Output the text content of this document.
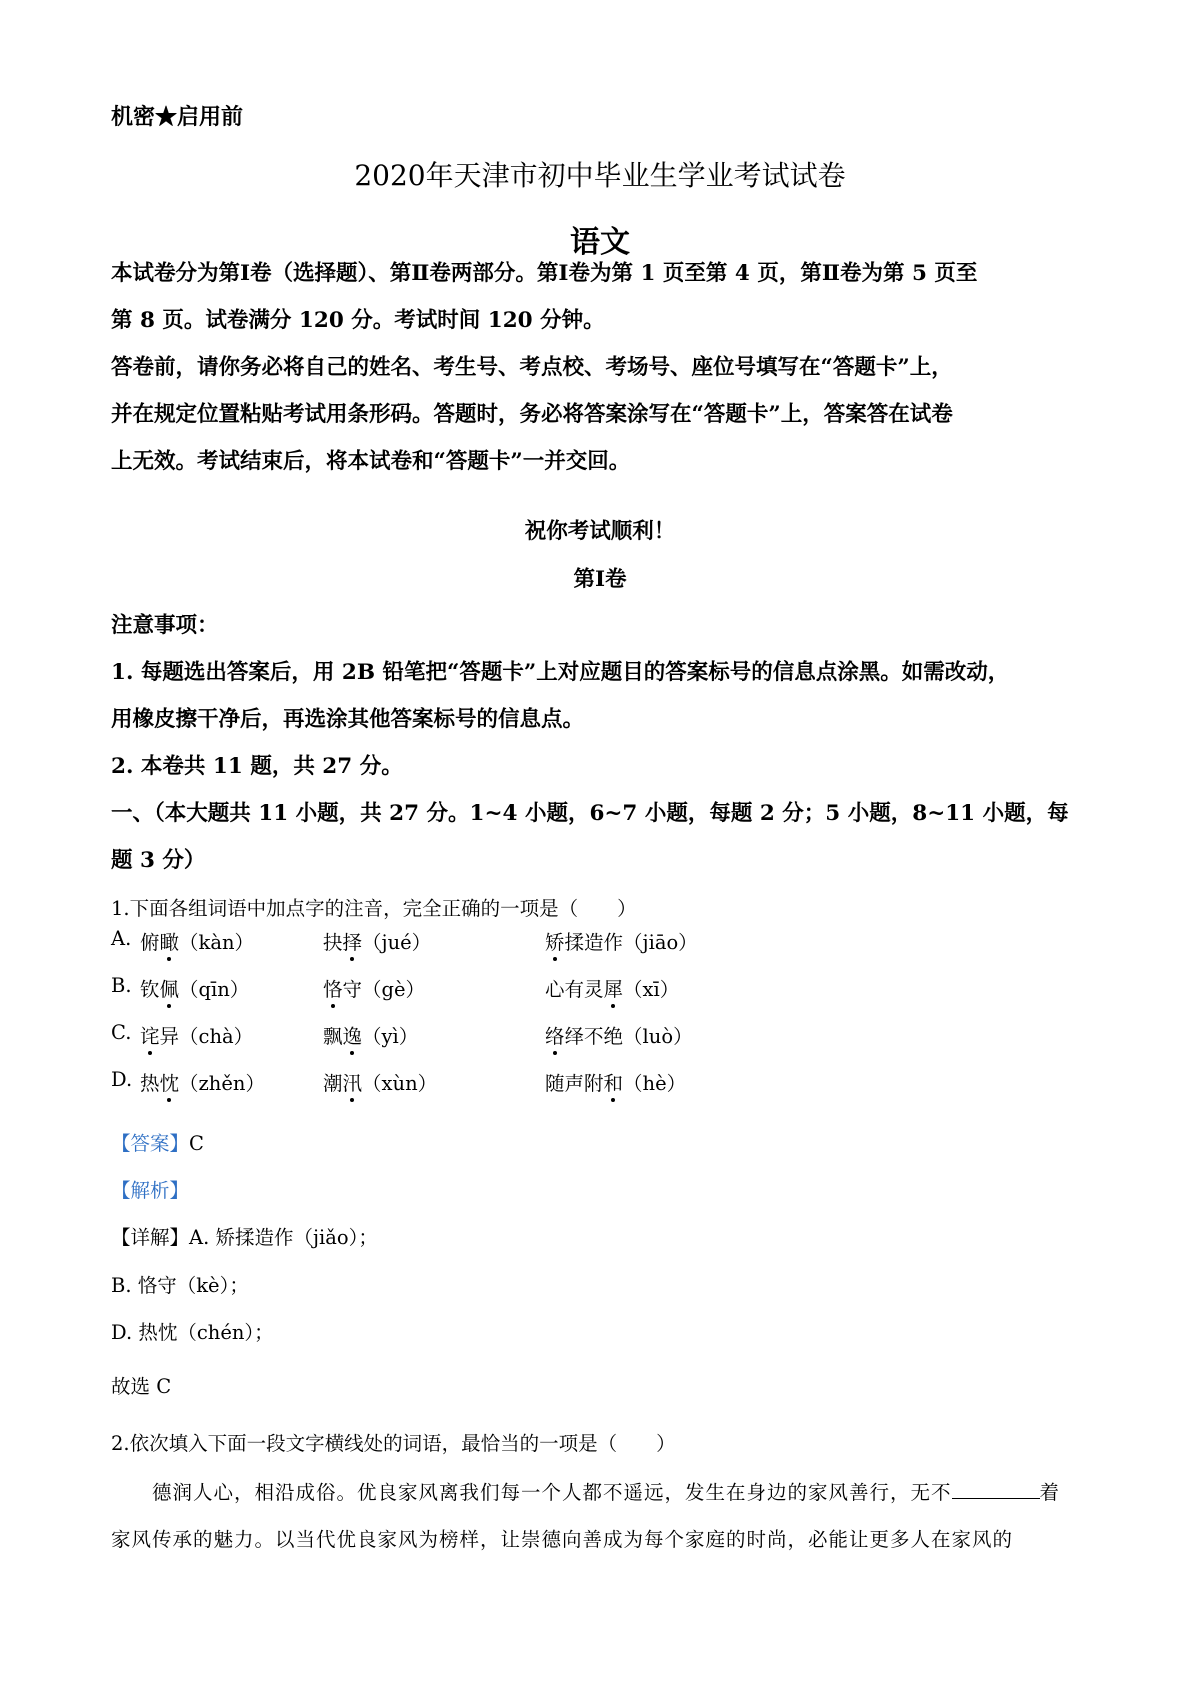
机密★启用前
2020年天津市初中毕业生学业考试试卷
语文
本试卷分为第Ⅰ卷（选择题）、第Ⅱ卷两部分。第Ⅰ卷为第 1 页至第 4 页，第Ⅱ卷为第 5 页至
第 8 页。试卷满分 120 分。考试时间 120 分钟。
答卷前，请你务必将自己的姓名、考生号、考点校、考场号、座位号填写在“答题卡”上，
并在规定位置粘贴考试用条形码。答题时，务必将答案涂写在“答题卡”上，答案答在试卷
上无效。考试结束后，将本试卷和“答题卡”一并交回。
祝你考试顺利！
第Ⅰ卷
注意事项：
1. 每题选出答案后，用 2B 铅笔把“答题卡”上对应题目的答案标号的信息点涂黑。如需改动，
用橡皮擦干净后，再选涂其他答案标号的信息点。
2. 本卷共 11 题，共 27 分。
一、（本大题共 11 小题，共 27 分。1~4 小题，6~7 小题，每题 2 分；5 小题，8~11 小题，每
题 3 分）
1.下面各组词语中加点字的注音，完全正确的一项是（　　）
A. 俯瞰（kàn）	抉择（jué）	矫揉造作（jiāo）
B. 钦佩（qīn）	恪守（gè）	心有灵犀（xī）
C. 诧异（chà）	飘逸（yì）	络绎不绝（luò）
D. 热忱（zhěn）	潮汛（xùn）	随声附和（hè）
【答案】C
【解析】
【详解】A. 矫揉造作（jiǎo）；
B. 恪守（kè）；
D. 热忱（chén）；
故选 C
2.依次填入下面一段文字横线处的词语，最恰当的一项是（　　）
德润人心，相沿成俗。优良家风离我们每一个人都不遥远，发生在身边的家风善行，无不	着
家风传承的魅力。以当代优良家风为榜样，让崇德向善成为每个家庭的时尚，必能让更多人在家风的
